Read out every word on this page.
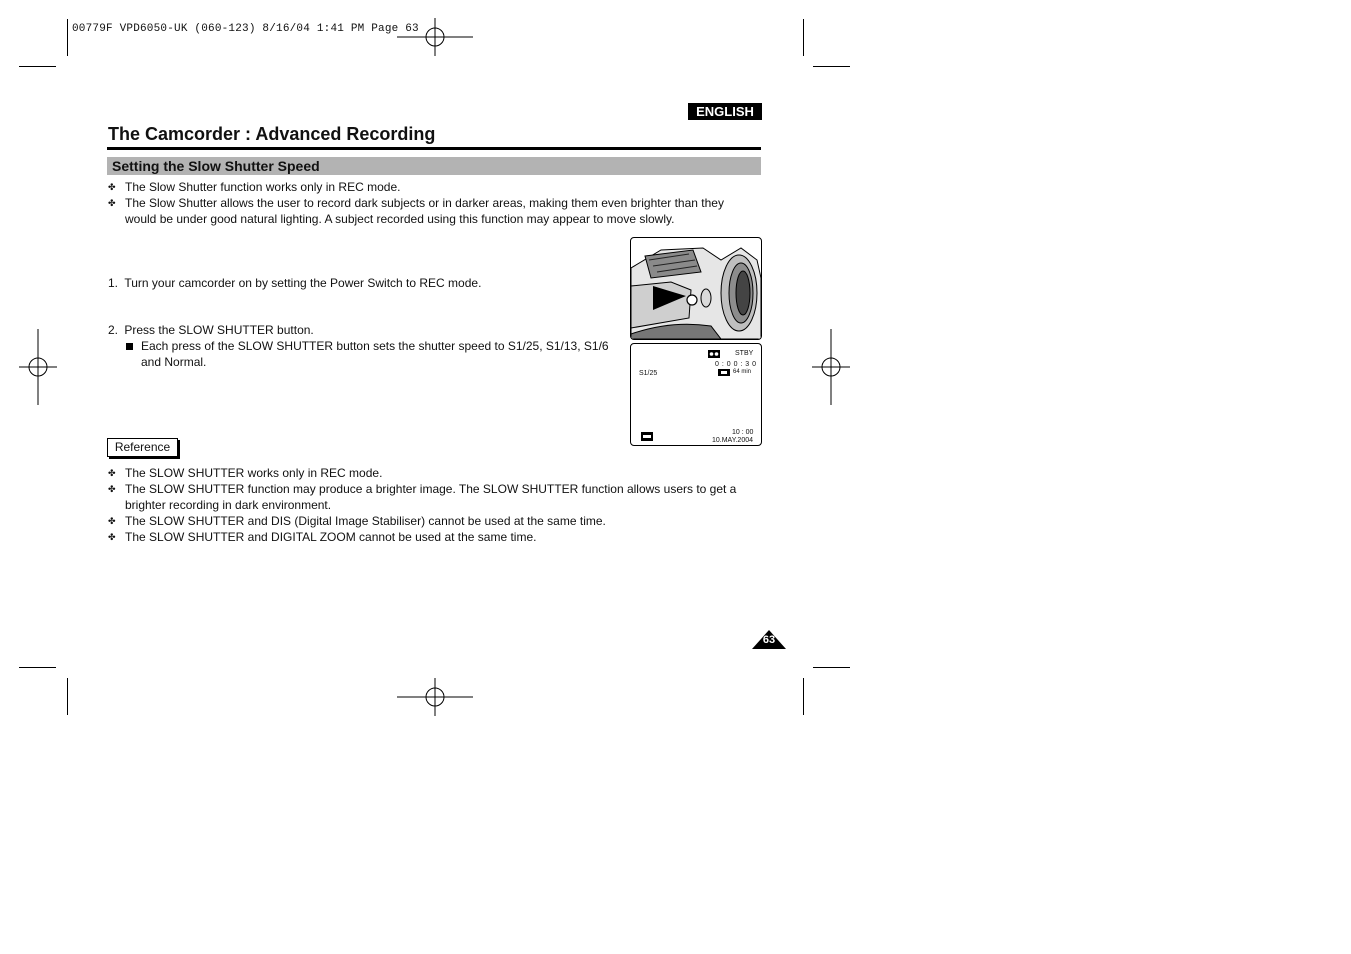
00779F VPD6050-UK (060-123) 8/16/04 1:41 PM Page 63
ENGLISH
The Camcorder : Advanced Recording
Setting the Slow Shutter Speed
✤ The Slow Shutter function works only in REC mode.
✤ The Slow Shutter allows the user to record dark subjects or in darker areas, making them even brighter than they would be under good natural lighting. A subject recorded using this function may appear to move slowly.
1. Turn your camcorder on by setting the Power Switch to REC mode.
2. Press the SLOW SHUTTER button.
Each press of the SLOW SHUTTER button sets the shutter speed to S1/25, S1/13, S1/6 and Normal.
STBY
0 : 0 0 : 3 0
64 min
S1/25
10 : 00
10.MAY.2004
Reference
✤ The SLOW SHUTTER works only in REC mode.
✤ The SLOW SHUTTER function may produce a brighter image. The SLOW SHUTTER function allows users to get a brighter recording in dark environment.
✤ The SLOW SHUTTER and DIS (Digital Image Stabiliser) cannot be used at the same time.
✤ The SLOW SHUTTER and DIGITAL ZOOM cannot be used at the same time.
63
